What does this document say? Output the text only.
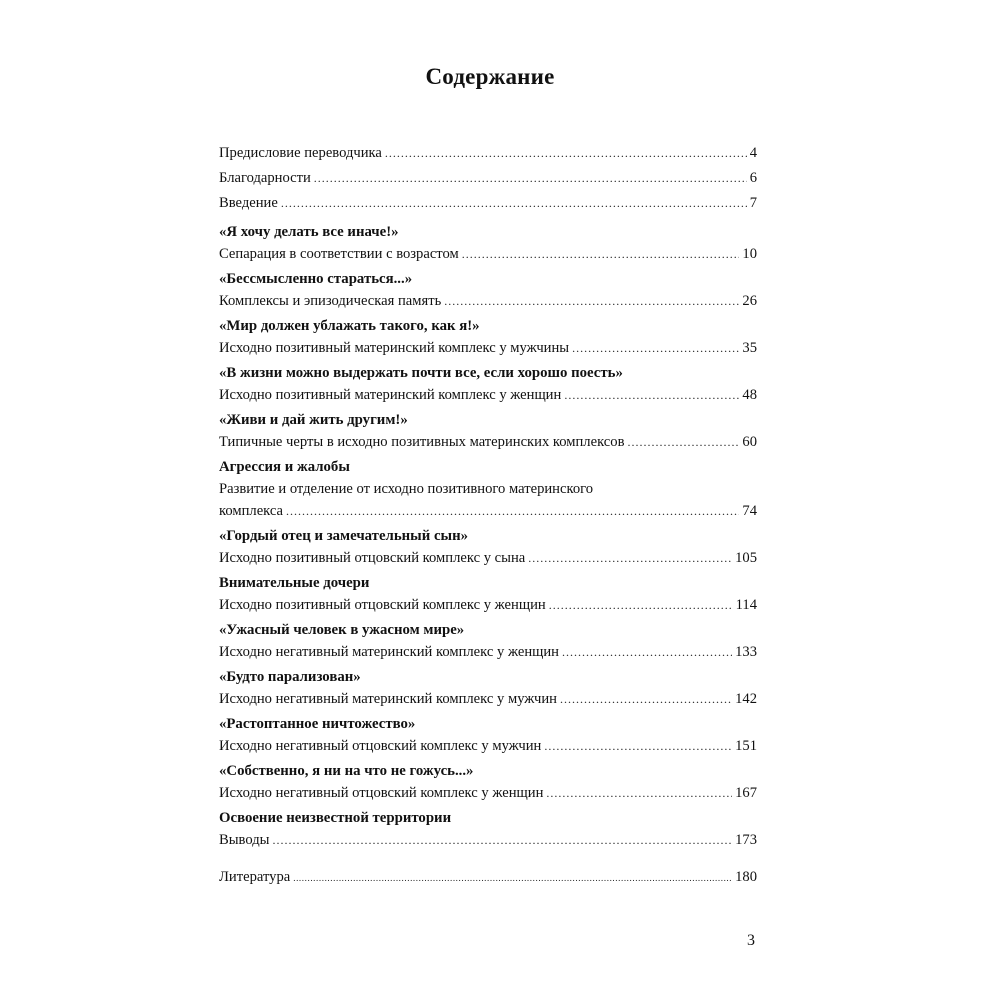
Содержание
Предисловие переводчика .....	4
Благодарности .....	6
Введение .....	7
«Я хочу делать все иначе!»
Сепарация в соответствии с возрастом .....	10
«Бессмысленно стараться...»
Комплексы и эпизодическая память .....	26
«Мир должен ублажать такого, как я!»
Исходно позитивный материнский комплекс у мужчины .....	35
«В жизни можно выдержать почти все, если хорошо поесть»
Исходно позитивный материнский комплекс у женщин .....	48
«Живи и дай жить другим!»
Типичные черты в исходно позитивных материнских комплексов .....	60
Агрессия и жалобы
Развитие и отделение от исходно позитивного материнского
комплекса .....	74
«Гордый отец и замечательный сын»
Исходно позитивный отцовский комплекс у сына .....	105
Внимательные дочери
Исходно позитивный отцовский комплекс у женщин .....	114
«Ужасный человек в ужасном мире»
Исходно негативный материнский комплекс у женщин .....	133
«Будто парализован»
Исходно негативный материнский комплекс у мужчин .....	142
«Растоптанное ничтожество»
Исходно негативный отцовский комплекс у мужчин .....	151
«Собственно, я ни на что не гожусь...»
Исходно негативный отцовский комплекс у женщин .....	167
Освоение неизвестной территории
Выводы .....	173
Литература .....	180
3
